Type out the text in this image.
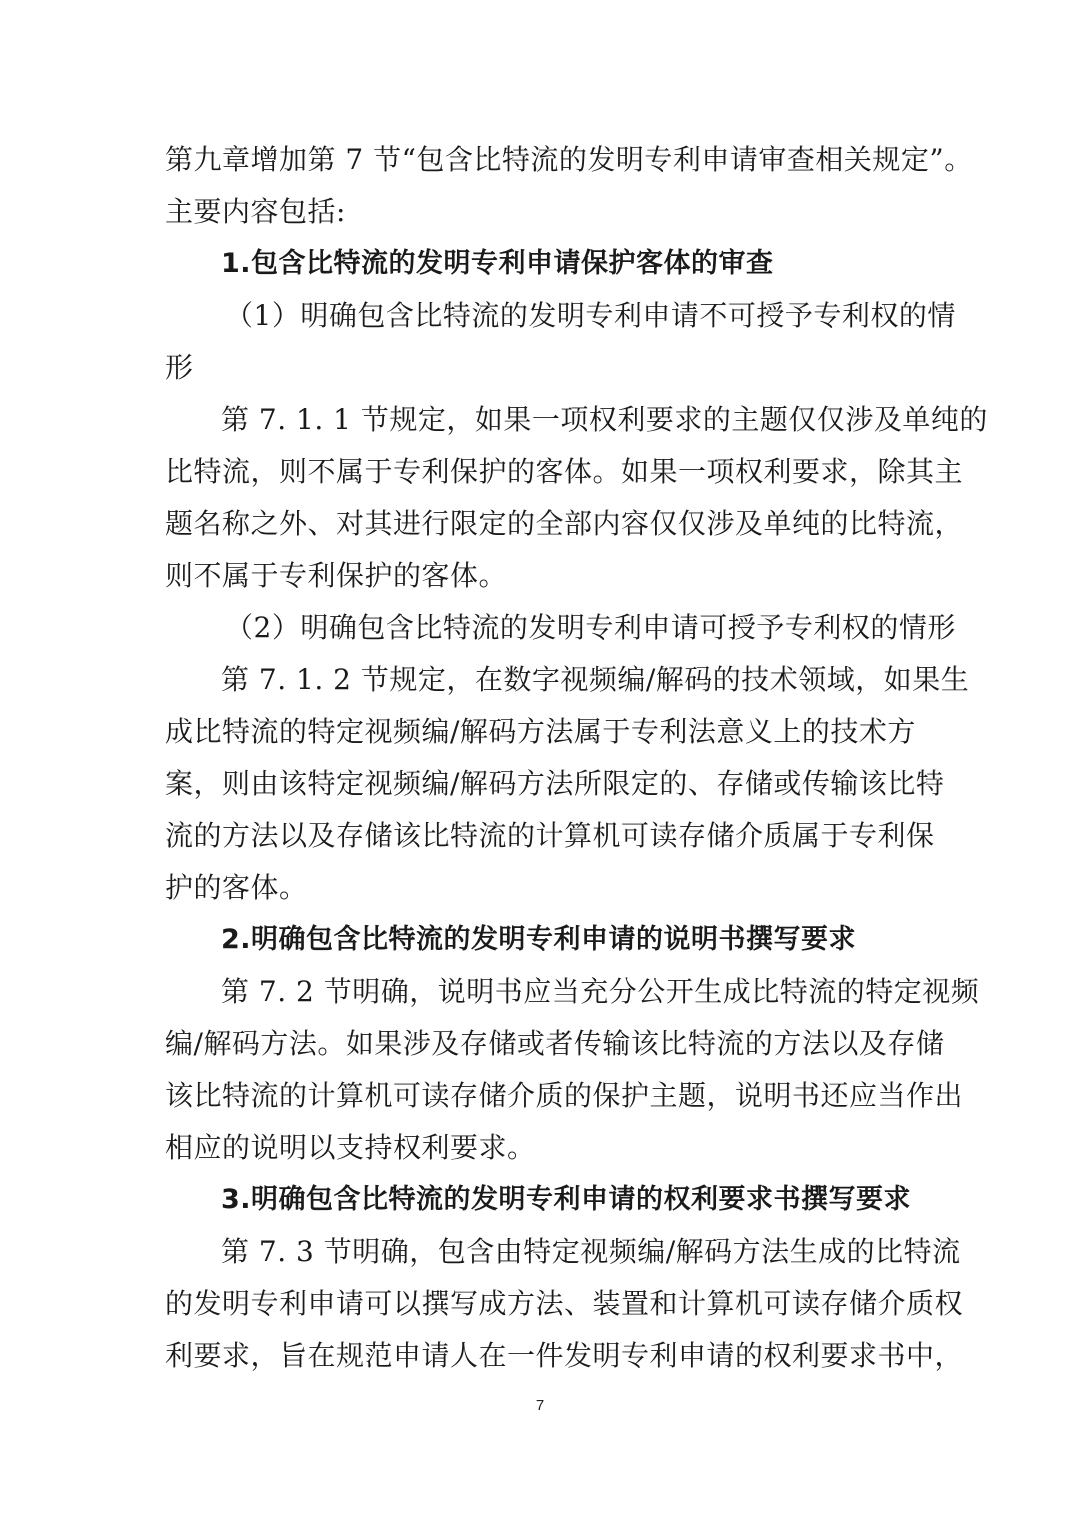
第九章增加第 7 节“包含比特流的发明专利申请审查相关规定”。
主要内容包括:
1.包含比特流的发明专利申请保护客体的审查
（1）明确包含比特流的发明专利申请不可授予专利权的情
形
第 7. 1. 1 节规定，如果一项权利要求的主题仅仅涉及单纯的
比特流，则不属于专利保护的客体。如果一项权利要求，除其主
题名称之外、对其进行限定的全部内容仅仅涉及单纯的比特流，
则不属于专利保护的客体。
（2）明确包含比特流的发明专利申请可授予专利权的情形
第 7. 1. 2 节规定，在数字视频编/解码的技术领域，如果生
成比特流的特定视频编/解码方法属于专利法意义上的技术方
案，则由该特定视频编/解码方法所限定的、存储或传输该比特
流的方法以及存储该比特流的计算机可读存储介质属于专利保
护的客体。
2.明确包含比特流的发明专利申请的说明书撰写要求
第 7. 2 节明确，说明书应当充分公开生成比特流的特定视频
编/解码方法。如果涉及存储或者传输该比特流的方法以及存储
该比特流的计算机可读存储介质的保护主题，说明书还应当作出
相应的说明以支持权利要求。
3.明确包含比特流的发明专利申请的权利要求书撰写要求
第 7. 3 节明确，包含由特定视频编/解码方法生成的比特流
的发明专利申请可以撰写成方法、装置和计算机可读存储介质权
利要求，旨在规范申请人在一件发明专利申请的权利要求书中，
7
